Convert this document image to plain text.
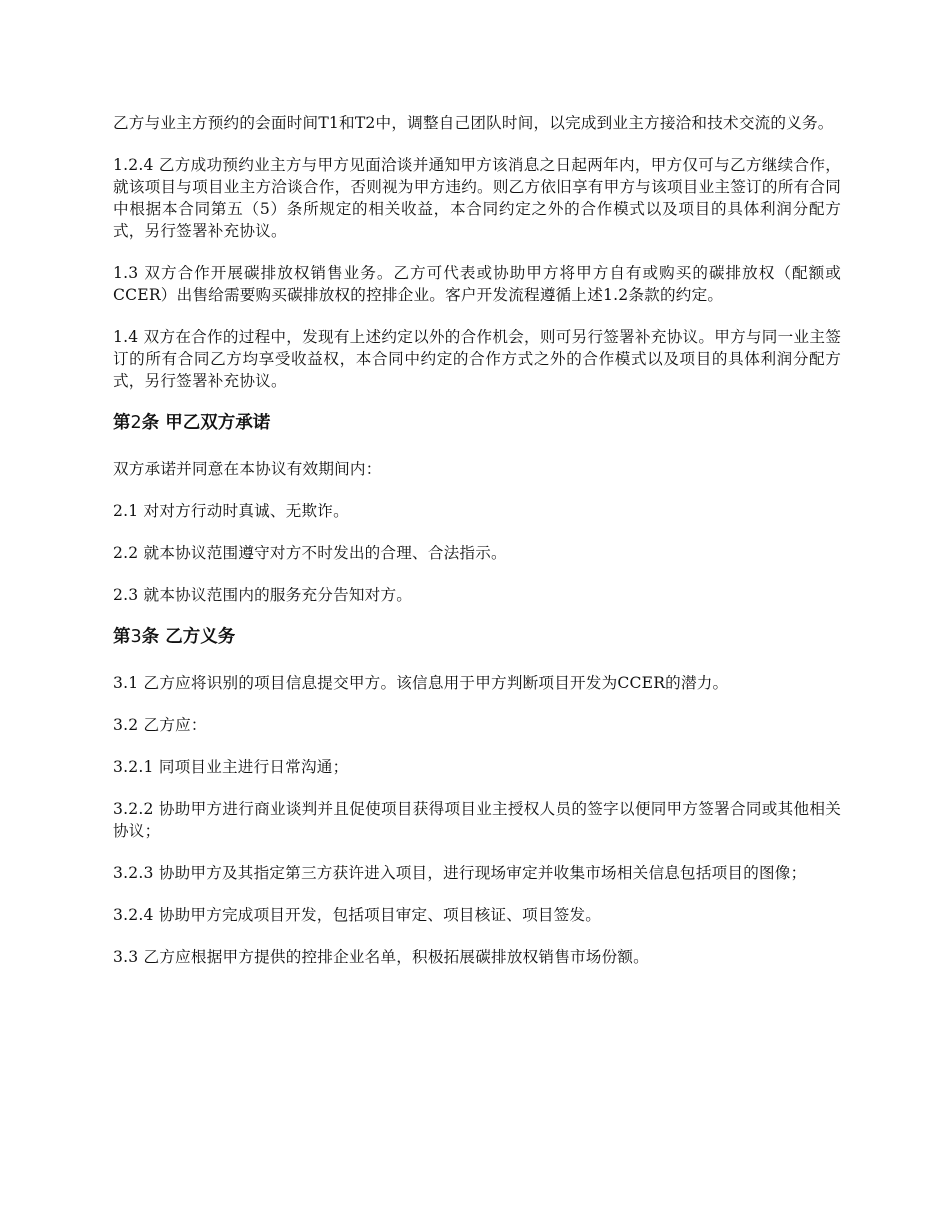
乙方与业主方预约的会面时间T1和T2中，调整自己团队时间，以完成到业主方接洽和技术交流的义务。

1.2.4 乙方成功预约业主方与甲方见面洽谈并通知甲方该消息之日起两年内，甲方仅可与乙方继续合作，就该项目与项目业主方洽谈合作，否则视为甲方违约。则乙方依旧享有甲方与该项目业主签订的所有合同中根据本合同第五（5）条所规定的相关收益，本合同约定之外的合作模式以及项目的具体利润分配方式，另行签署补充协议。

1.3 双方合作开展碳排放权销售业务。乙方可代表或协助甲方将甲方自有或购买的碳排放权（配额或CCER）出售给需要购买碳排放权的控排企业。客户开发流程遵循上述1.2条款的约定。

1.4 双方在合作的过程中，发现有上述约定以外的合作机会，则可另行签署补充协议。甲方与同一业主签订的所有合同乙方均享受收益权，本合同中约定的合作方式之外的合作模式以及项目的具体利润分配方式，另行签署补充协议。

第2条 甲乙双方承诺

双方承诺并同意在本协议有效期间内：

2.1 对对方行动时真诚、无欺诈。

2.2 就本协议范围遵守对方不时发出的合理、合法指示。

2.3 就本协议范围内的服务充分告知对方。

第3条 乙方义务

3.1 乙方应将识别的项目信息提交甲方。该信息用于甲方判断项目开发为CCER的潜力。

3.2 乙方应：

3.2.1 同项目业主进行日常沟通；

3.2.2 协助甲方进行商业谈判并且促使项目获得项目业主授权人员的签字以便同甲方签署合同或其他相关协议；

3.2.3 协助甲方及其指定第三方获许进入项目，进行现场审定并收集市场相关信息包括项目的图像；

3.2.4 协助甲方完成项目开发，包括项目审定、项目核证、项目签发。

3.3 乙方应根据甲方提供的控排企业名单，积极拓展碳排放权销售市场份额。
